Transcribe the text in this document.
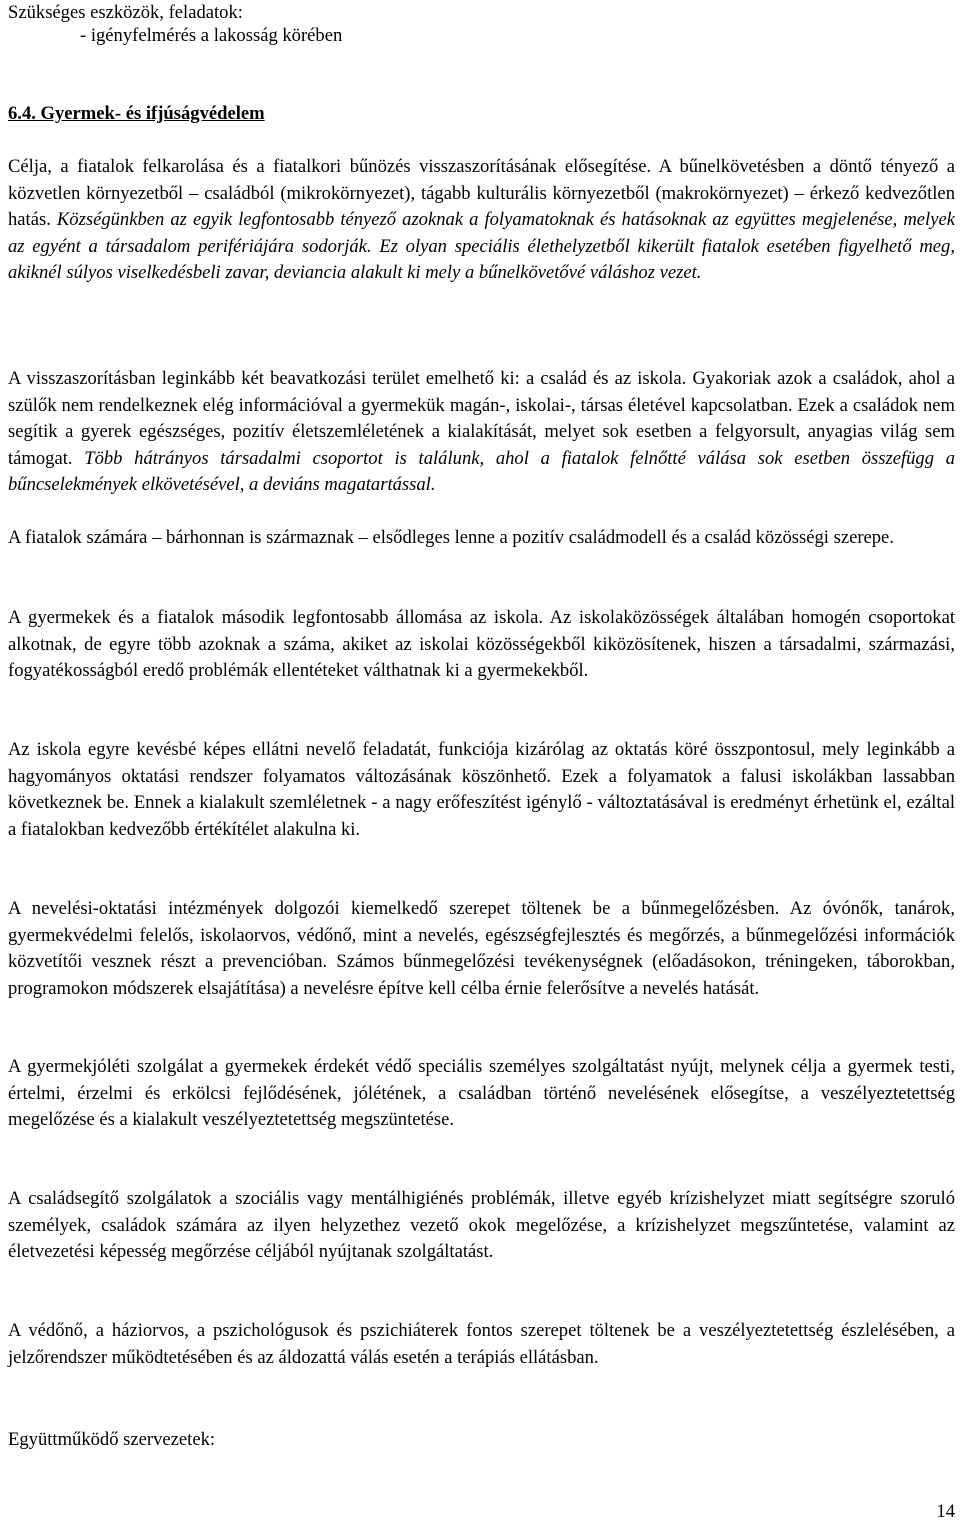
Szükséges eszközök, feladatok:
- igényfelmérés a lakosság körében
6.4. Gyermek- és ifjúságvédelem

Célja, a fiatalok felkarolása és a fiatalkori bűnözés visszaszorításának elősegítése. A bűnelkövetésben a döntő tényező a közvetlen környezetből – családból (mikrokörnyezet), tágabb kulturális környezetből (makrokörnyezet) – érkező kedvezőtlen hatás. Községünkben az egyik legfontosabb tényező azoknak a folyamatoknak és hatásoknak az együttes megjelenése, melyek az egyént a társadalom perifériájára sodorják. Ez olyan speciális élethelyzetből kikerült fiatalok esetében figyelhető meg, akiknél súlyos viselkedésbeli zavar, deviancia alakult ki mely a bűnelkövetővé váláshoz vezet.

A visszaszorításban leginkább két beavatkozási terület emelhető ki: a család és az iskola. Gyakoriak azok a családok, ahol a szülők nem rendelkeznek elég információval a gyermekük magán-, iskolai-, társas életével kapcsolatban. Ezek a családok nem segítik a gyerek egészséges, pozitív életszemléletének a kialakítását, melyet sok esetben a felgyorsult, anyagias világ sem támogat. Több hátrányos társadalmi csoportot is találunk, ahol a fiatalok felnőtté válása sok esetben összefügg a bűncselekmények elkövetésével, a deviáns magatartással.

A fiatalok számára – bárhonnan is származnak – elsődleges lenne a pozitív családmodell és a család közösségi szerepe.

A gyermekek és a fiatalok második legfontosabb állomása az iskola. Az iskolaközösségek általában homogén csoportokat alkotnak, de egyre több azoknak a száma, akiket az iskolai közösségekből kiközösítenek, hiszen a társadalmi, származási, fogyatékosságból eredő problémák ellentéteket válthatnak ki a gyermekekből.

Az iskola egyre kevésbé képes ellátni nevelő feladatát, funkciója kizárólag az oktatás köré összpontosul, mely leginkább a hagyományos oktatási rendszer folyamatos változásának köszönhető. Ezek a folyamatok a falusi iskolákban lassabban következnek be. Ennek a kialakult szemléletnek - a nagy erőfeszítést igénylő - változtatásával is eredményt érhetünk el, ezáltal a fiatalokban kedvezőbb értékítélet alakulna ki.

A nevelési-oktatási intézmények dolgozói kiemelkedő szerepet töltenek be a bűnmegelőzésben. Az óvónők, tanárok, gyermekvédelmi felelős, iskolaorvos, védőnő, mint a nevelés, egészségfejlesztés és megőrzés, a bűnmegelőzési információk közvetítői vesznek részt a prevencióban. Számos bűnmegelőzési tevékenységnek (előadásokon, tréningeken, táborokban, programokon módszerek elsajátítása) a nevelésre építve kell célba érnie felerősítve a nevelés hatását.

A gyermekjóléti szolgálat a gyermekek érdekét védő speciális személyes szolgáltatást nyújt, melynek célja a gyermek testi, értelmi, érzelmi és erkölcsi fejlődésének, jólétének, a családban történő nevelésének elősegítse, a veszélyeztetettség megelőzése és a kialakult veszélyeztetettség megszüntetése.

A családsegítő szolgálatok a szociális vagy mentálhigiénés problémák, illetve egyéb krízishelyzet miatt segítségre szoruló személyek, családok számára az ilyen helyzethez vezető okok megelőzése, a krízishelyzet megszűntetése, valamint az életvezetési képesség megőrzése céljából nyújtanak szolgáltatást.

A védőnő, a háziorvos, a pszichológusok és pszichiáterek fontos szerepet töltenek be a veszélyeztetettség észlelésében, a jelzőrendszer működtetésében és az áldozattá válás esetén a terápiás ellátásban.

Együttműködő szervezetek:
14
